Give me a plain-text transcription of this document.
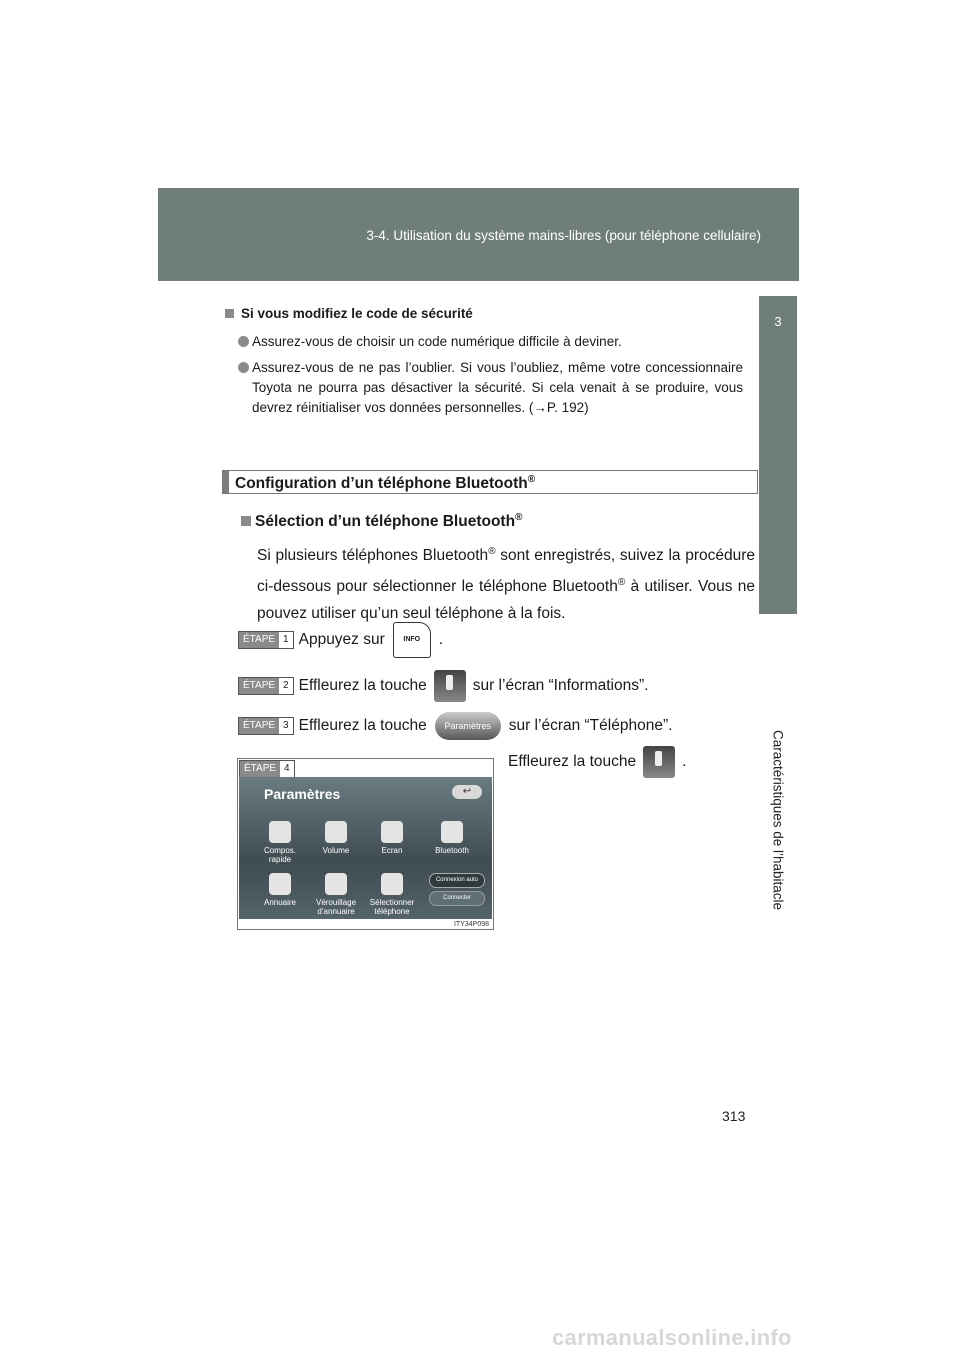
3-4. Utilisation du système mains-libres (pour téléphone cellulaire)
3
Caractéristiques de l’habitacle
Si vous modifiez le code de sécurité
Assurez-vous de choisir un code numérique difficile à deviner.
Assurez-vous de ne pas l’oublier. Si vous l’oubliez, même votre concessionnaire Toyota ne pourra pas désactiver la sécurité. Si cela venait à se produire, vous devrez réinitialiser vos données personnelles. (→P. 192)
Configuration d’un téléphone Bluetooth®
Sélection d’un téléphone Bluetooth®
Si plusieurs téléphones Bluetooth® sont enregistrés, suivez la procédure ci-dessous pour sélectionner le téléphone Bluetooth® à utiliser. Vous ne pouvez utiliser qu’un seul téléphone à la fois.
ÉTAPE 1 Appuyez sur	INFO .
ÉTAPE 2 Effleurez la touche	sur l’écran “Informations”.
ÉTAPE 3 Effleurez la touche Paramètres sur l’écran “Téléphone”.
Effleurez la touche	.
ÉTAPE 4
Paramètres	↩
Compos. rapide
Volume	Ecran	Bluetooth
Annuaire	Vérouillage d’annuaire
Sélectionner téléphone
Connexion auto
Connecter
ITY34P098
313
carmanualsonline.info
